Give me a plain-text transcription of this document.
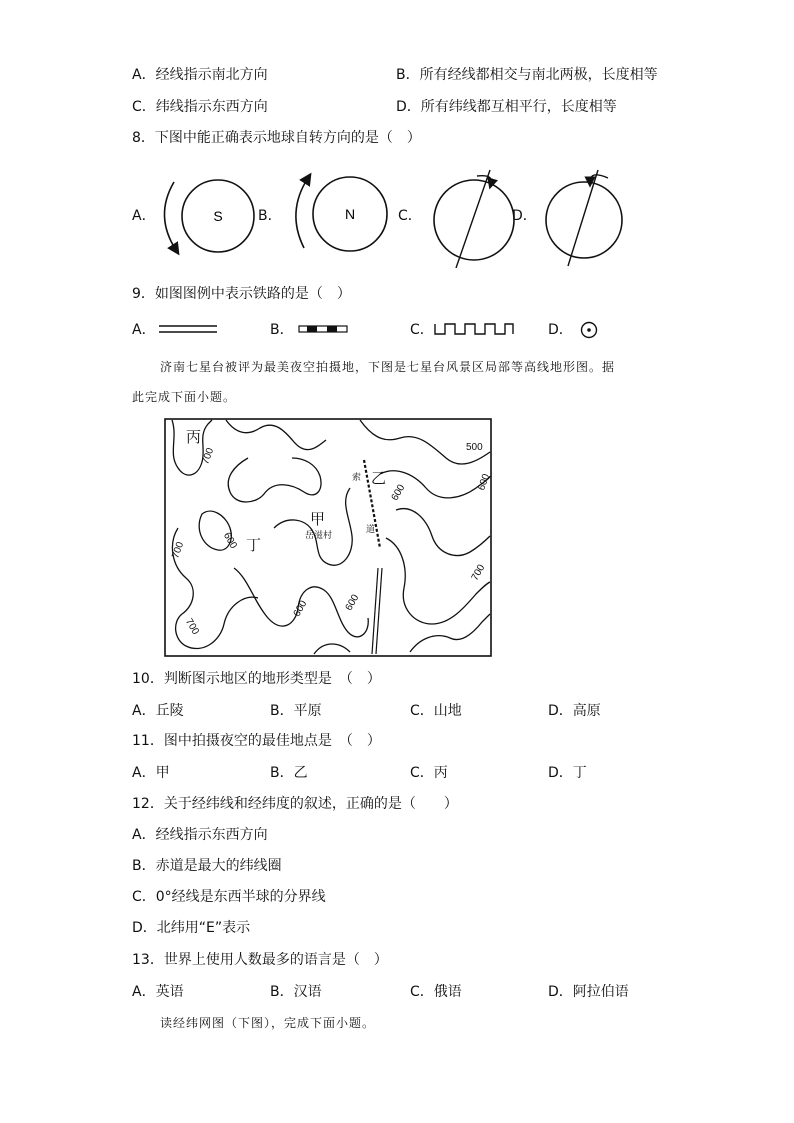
A．经线指示南北方向	B．所有经线都相交与南北两极，长度相等
C．纬线指示东西方向	D．所有纬线都互相平行，长度相等
8．下图中能正确表示地球自转方向的是（　）
A．	B．	C．	D．
S	N
9．如图图例中表示铁路的是（　）
A．	B．	C．	D．
济南七星台被评为最美夜空拍摄地，下图是七星台风景区局部等高线地形图。据
此完成下面小题。
丙
乙
甲
丁
岳滋村
索
道
500
600
600
600
600	600
700
700
700
700
10．判断图示地区的地形类型是　（　）
A．丘陵	B．平原	C．山地	D．高原
11．图中拍摄夜空的最佳地点是　（　）
A．甲	B．乙	C．丙	D．丁
12．关于经纬线和经纬度的叙述，正确的是（　　）
A．经线指示东西方向
B．赤道是最大的纬线圈
C．0°经线是东西半球的分界线
D．北纬用“E”表示
13．世界上使用人数最多的语言是（　）
A．英语	B．汉语	C．俄语	D．阿拉伯语
读经纬网图（下图），完成下面小题。
